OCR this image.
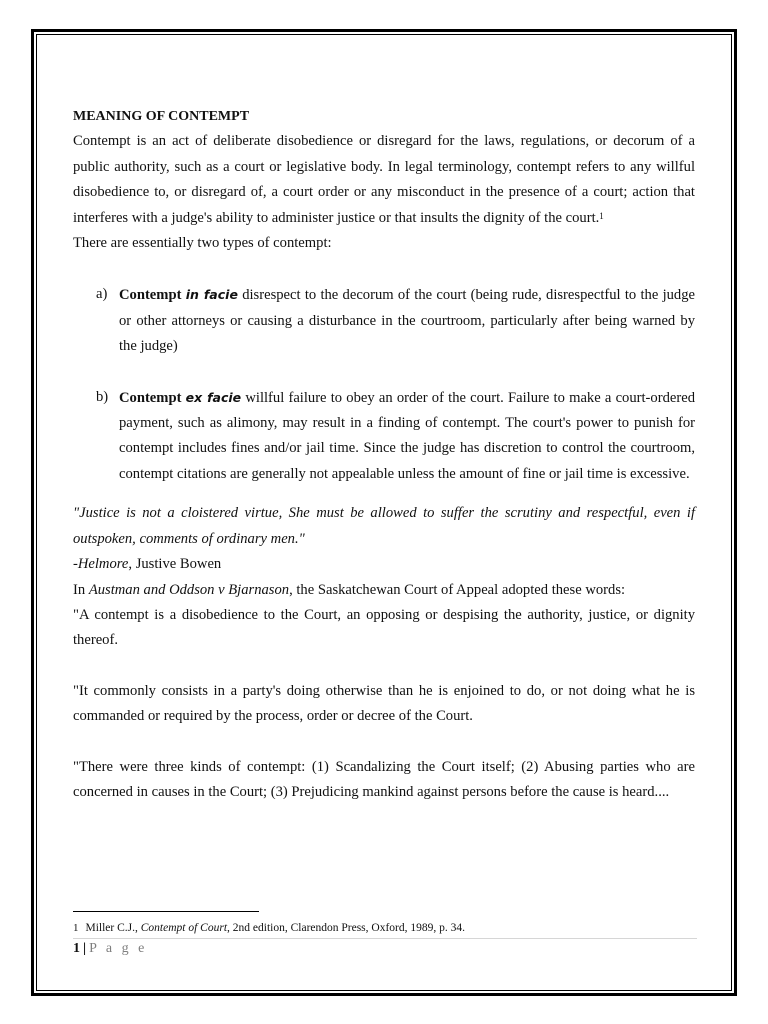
MEANING OF CONTEMPT

Contempt is an act of deliberate disobedience or disregard for the laws, regulations, or decorum of a public authority, such as a court or legislative body. In legal terminology, contempt refers to any willful disobedience to, or disregard of, a court order or any misconduct in the presence of a court; action that interferes with a judge's ability to administer justice or that insults the dignity of the court.$^1$

There are essentially two types of contempt:

a) Contempt in facie disrespect to the decorum of the court (being rude, disrespectful to the judge or other attorneys or causing a disturbance in the courtroom, particularly after being warned by the judge)
b) Contempt ex facie willful failure to obey an order of the court. Failure to make a court-ordered payment, such as alimony, may result in a finding of contempt. The court's power to punish for contempt includes fines and/or jail time. Since the judge has discretion to control the courtroom, contempt citations are generally not appealable unless the amount of fine or jail time is excessive.

"Justice is not a cloistered virtue, She must be allowed to suffer the scrutiny and respectful, even if outspoken, comments of ordinary men."

-Helmore, Justive Bowen

In Austman and Oddson v Bjarnason, the Saskatchewan Court of Appeal adopted these words:

"A contempt is a disobedience to the Court, an opposing or despising the authority, justice, or dignity thereof.

"It commonly consists in a party's doing otherwise than he is enjoined to do, or not doing what he is commanded or required by the process, order or decree of the Court.

"There were three kinds of contempt: (1) Scandalizing the Court itself; (2) Abusing parties who are concerned in causes in the Court; (3) Prejudicing mankind against persons before the cause is heard....

1 Miller C.J., Contempt of Court, 2nd edition, Clarendon Press, Oxford, 1989, p. 34.
1 | P a g e
